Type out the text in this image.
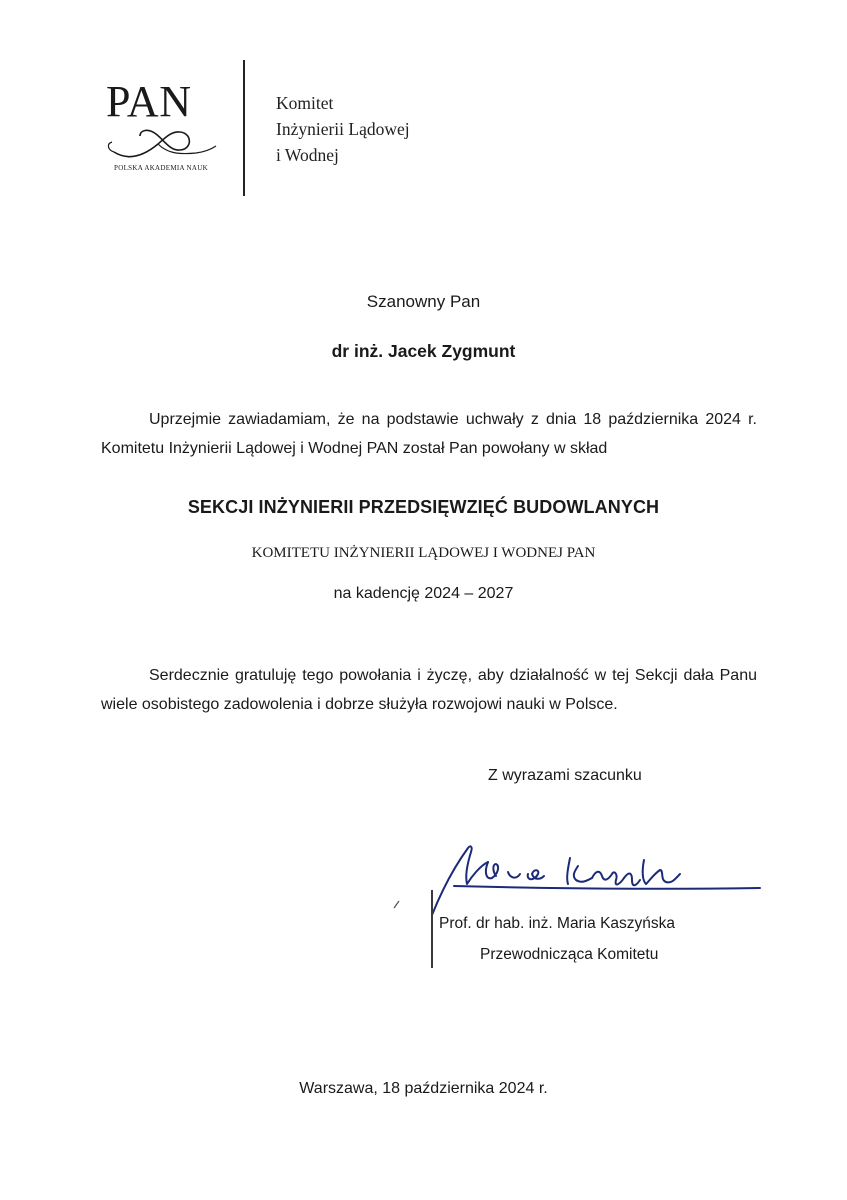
PAN
POLSKA AKADEMIA NAUK
Komitet
Inżynierii Lądowej
i Wodnej
Szanowny Pan
dr inż. Jacek Zygmunt
Uprzejmie zawiadamiam, że na podstawie uchwały z dnia 18 października 2024 r. Komitetu Inżynierii Lądowej i Wodnej PAN został Pan powołany w skład
SEKCJI INŻYNIERII PRZEDSIĘWZIĘĆ BUDOWLANYCH
KOMITETU INŻYNIERII LĄDOWEJ I WODNEJ PAN
na kadencję 2024 – 2027
Serdecznie gratuluję tego powołania i życzę, aby działalność w tej Sekcji dała Panu wiele osobistego zadowolenia i dobrze służyła rozwojowi nauki w Polsce.
Z wyrazami szacunku
Prof. dr hab. inż. Maria Kaszyńska
Przewodnicząca Komitetu
Warszawa, 18 października 2024 r.
